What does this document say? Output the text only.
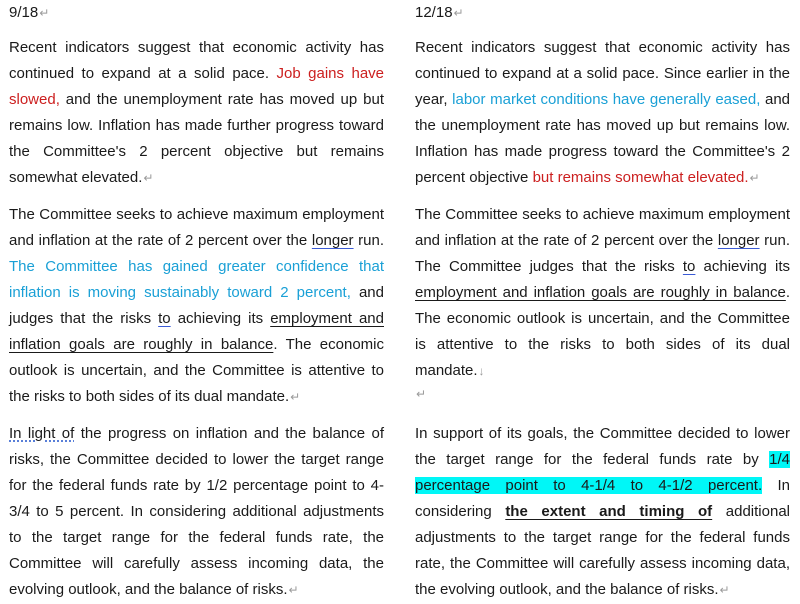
9/18↵

Recent indicators suggest that economic activity has continued to expand at a solid pace. Job gains have slowed, and the unemployment rate has moved up but remains low. Inflation has made further progress toward the Committee's 2 percent objective but remains somewhat elevated.↵

The Committee seeks to achieve maximum employment and inflation at the rate of 2 percent over the longer run. The Committee has gained greater confidence that inflation is moving sustainably toward 2 percent, and judges that the risks to achieving its employment and inflation goals are roughly in balance. The economic outlook is uncertain, and the Committee is attentive to the risks to both sides of its dual mandate.↵

In light of the progress on inflation and the balance of risks, the Committee decided to lower the target range for the federal funds rate by 1/2 percentage point to 4-3/4 to 5 percent. In considering additional adjustments to the target range for the federal funds rate, the Committee will carefully assess incoming data, the evolving outlook, and the balance of risks.↵

12/18↵

Recent indicators suggest that economic activity has continued to expand at a solid pace. Since earlier in the year, labor market conditions have generally eased, and the unemployment rate has moved up but remains low. Inflation has made progress toward the Committee's 2 percent objective but remains somewhat elevated.↵

The Committee seeks to achieve maximum employment and inflation at the rate of 2 percent over the longer run. The Committee judges that the risks to achieving its employment and inflation goals are roughly in balance. The economic outlook is uncertain, and the Committee is attentive to the risks to both sides of its dual mandate.↓

↵

In support of its goals, the Committee decided to lower the target range for the federal funds rate by 1/4 percentage point to 4-1/4 to 4-1/2 percent. In considering the extent and timing of additional adjustments to the target range for the federal funds rate, the Committee will carefully assess incoming data, the evolving outlook, and the balance of risks.↵
